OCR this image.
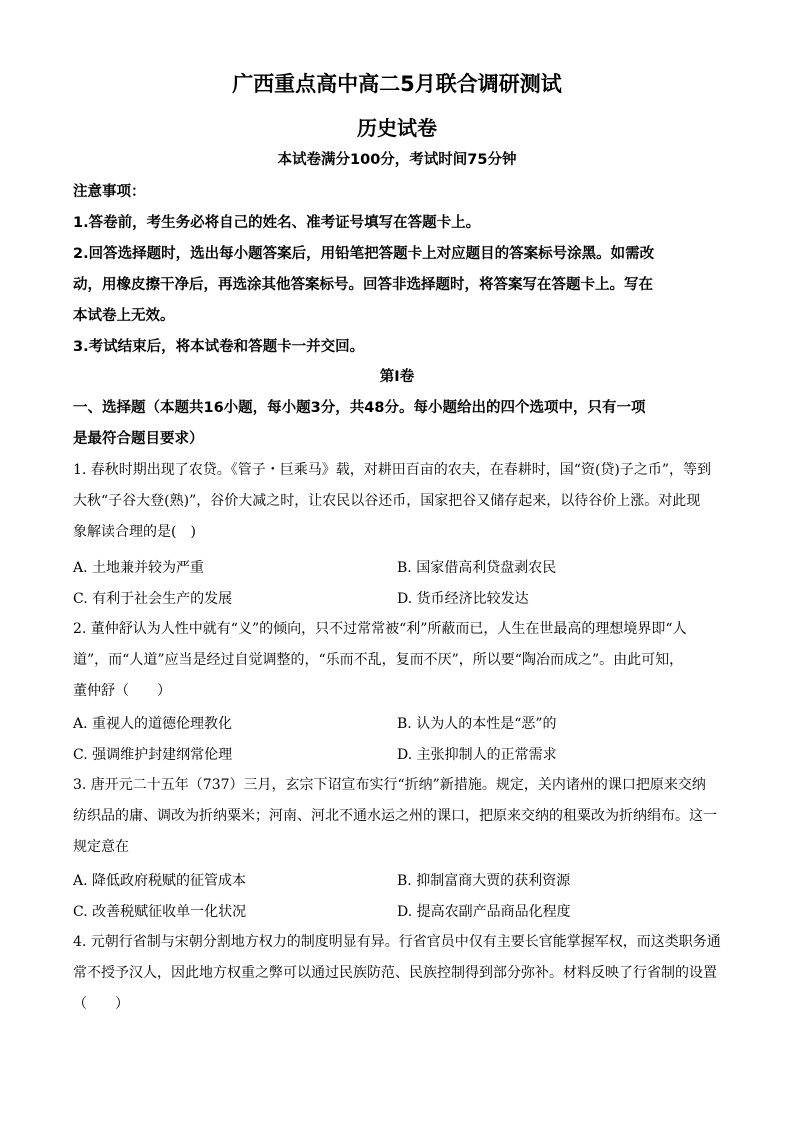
广西重点高中高二5月联合调研测试
历史试卷
本试卷满分100分，考试时间75分钟
注意事项：
1.答卷前，考生务必将自己的姓名、准考证号填写在答题卡上。
2.回答选择题时，选出每小题答案后，用铅笔把答题卡上对应题目的答案标号涂黑。如需改
动，用橡皮擦干净后，再选涂其他答案标号。回答非选择题时，将答案写在答题卡上。写在
本试卷上无效。
3.考试结束后，将本试卷和答题卡一并交回。
第Ⅰ卷
一、选择题（本题共16小题，每小题3分，共48分。每小题给出的四个选项中，只有一项
是最符合题目要求）
1. 春秋时期出现了农贷。《管子・巨乘马》载，对耕田百亩的农夫，在春耕时，国“资(贷)子之币”，等到
大秋“子谷大登(熟)”，谷价大减之时，让农民以谷还币，国家把谷又储存起来，以待谷价上涨。对此现
象解读合理的是(　)
A. 土地兼并较为严重	B. 国家借高利贷盘剥农民
C. 有利于社会生产的发展	D. 货币经济比较发达
2. 董仲舒认为人性中就有“义”的倾向，只不过常常被“利”所蔽而已，人生在世最高的理想境界即“人
道”，而“人道”应当是经过自觉调整的，“乐而不乱，复而不厌”，所以要“陶冶而成之”。由此可知，
董仲舒（　　）
A. 重视人的道德伦理教化	B. 认为人的本性是“恶”的
C. 强调维护封建纲常伦理	D. 主张抑制人的正常需求
3. 唐开元二十五年（737）三月，玄宗下诏宣布实行“折纳”新措施。规定，关内诸州的课口把原来交纳
纺织品的庸、调改为折纳粟米；河南、河北不通水运之州的课口，把原来交纳的租粟改为折纳绢布。这一
规定意在
A. 降低政府税赋的征管成本	B. 抑制富商大贾的获利资源
C. 改善税赋征收单一化状况	D. 提高农副产品商品化程度
4. 元朝行省制与宋朝分割地方权力的制度明显有异。行省官员中仅有主要长官能掌握军权，而这类职务通
常不授予汉人，因此地方权重之弊可以通过民族防范、民族控制得到部分弥补。材料反映了行省制的设置
（　　）
